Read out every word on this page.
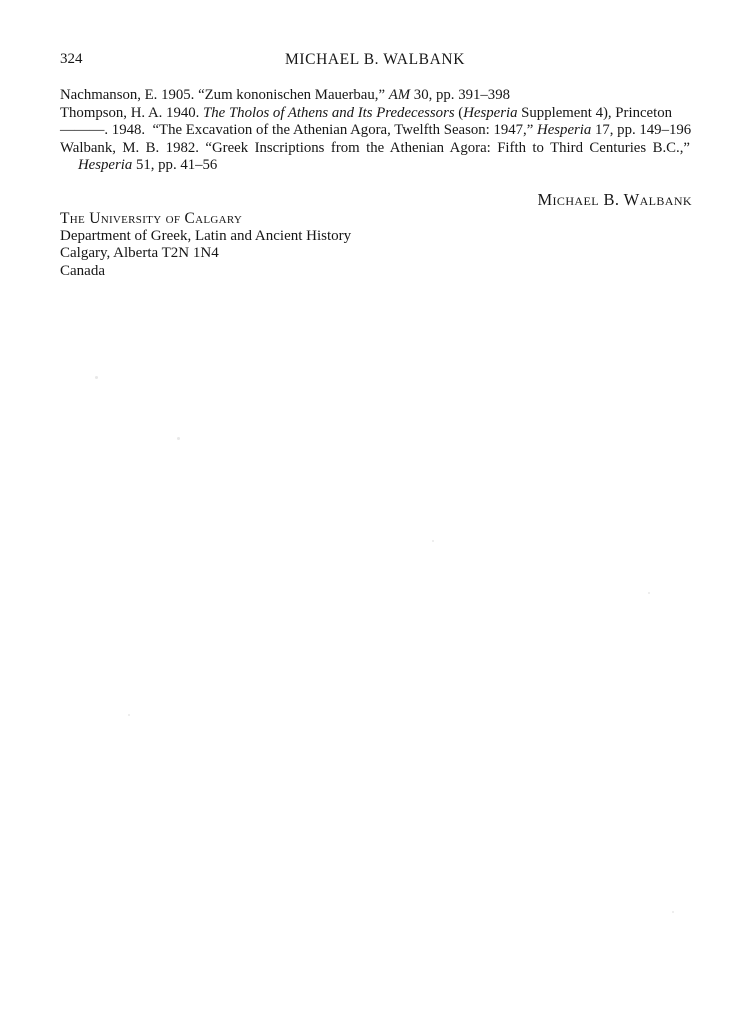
324	MICHAEL B. WALBANK
Nachmanson, E. 1905. “Zum kononischen Mauerbau,” AM 30, pp. 391–398
Thompson, H. A. 1940. The Tholos of Athens and Its Predecessors (Hesperia Supplement 4), Princeton
———. 1948.  “The Excavation of the Athenian Agora, Twelfth Season: 1947,” Hesperia 17, pp. 149–196
Walbank, M. B. 1982. “Greek Inscriptions from the Athenian Agora: Fifth to Third Centuries B.C.,”
Hesperia 51, pp. 41–56
Michael B. Walbank
The University of Calgary
Department of Greek, Latin and Ancient History
Calgary, Alberta T2N 1N4
Canada
